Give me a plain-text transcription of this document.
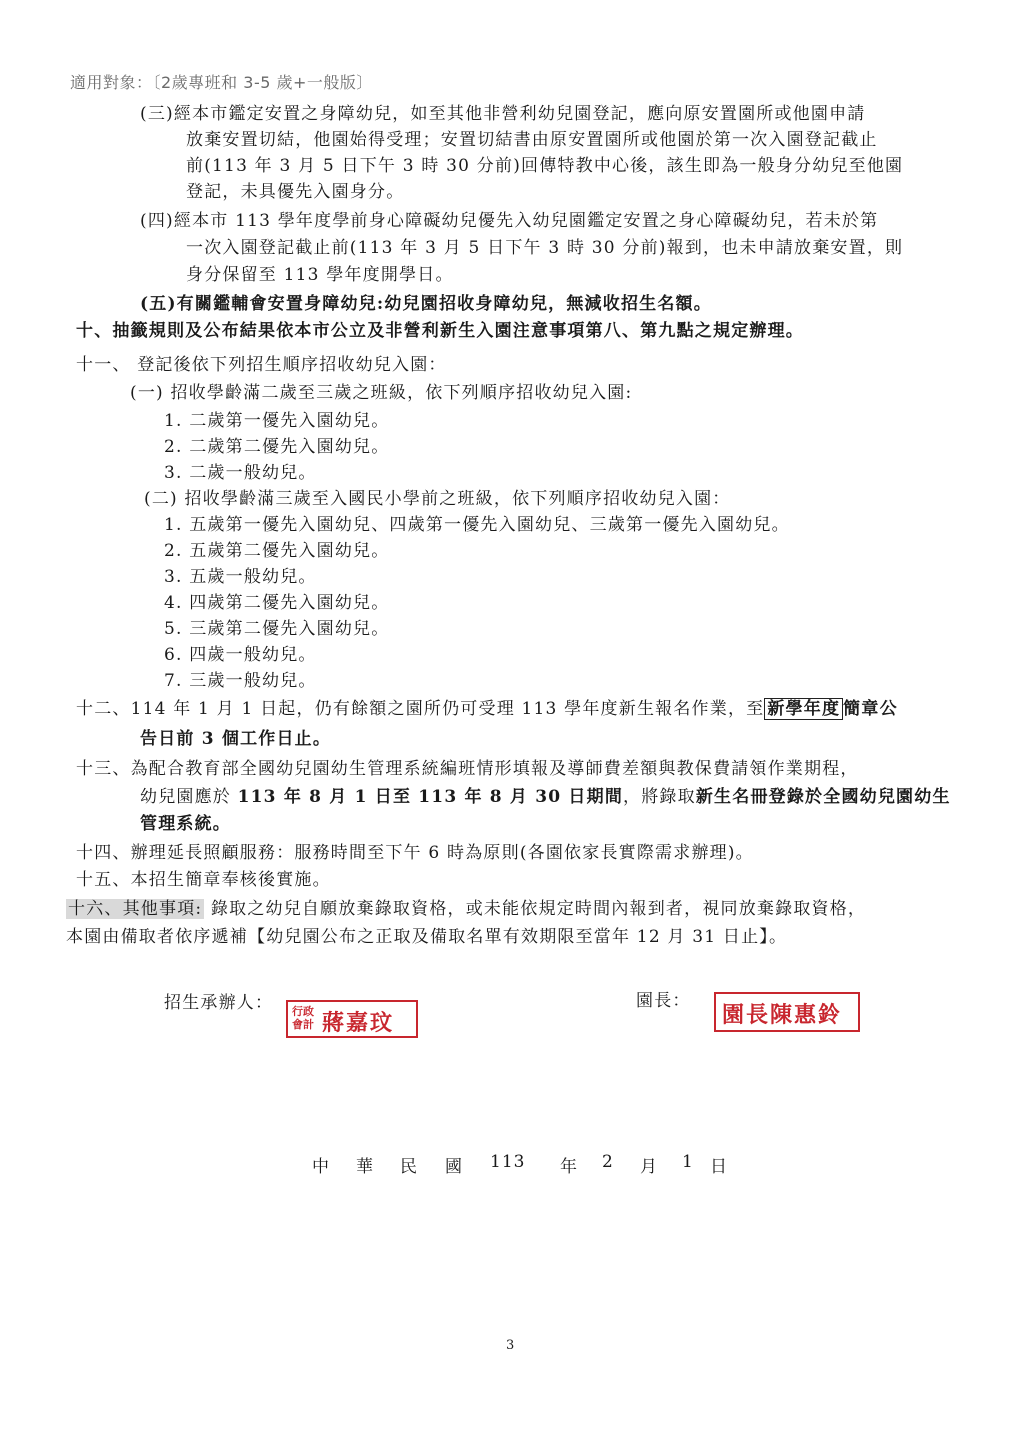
適用對象：〔2歲專班和 3-5 歲+一般版〕
(三)經本市鑑定安置之身障幼兒，如至其他非營利幼兒園登記，應向原安置園所或他園申請
放棄安置切結，他園始得受理；安置切結書由原安置園所或他園於第一次入園登記截止
前(113 年 3 月 5 日下午 3 時 30 分前)回傳特教中心後，該生即為一般身分幼兒至他園
登記，未具優先入園身分。
(四)經本市 113 學年度學前身心障礙幼兒優先入幼兒園鑑定安置之身心障礙幼兒，若未於第
一次入園登記截止前(113 年 3 月 5 日下午 3 時 30 分前)報到，也未申請放棄安置，則
身分保留至 113 學年度開學日。
(五)有關鑑輔會安置身障幼兒:幼兒園招收身障幼兒，無減收招生名額。
十、抽籤規則及公布結果依本市公立及非營利新生入園注意事項第八、第九點之規定辦理。
十一、 登記後依下列招生順序招收幼兒入園：
(一) 招收學齡滿二歲至三歲之班級，依下列順序招收幼兒入園:
1. 二歲第一優先入園幼兒。
2. 二歲第二優先入園幼兒。
3. 二歲一般幼兒。
(二) 招收學齡滿三歲至入國民小學前之班級，依下列順序招收幼兒入園：
1. 五歲第一優先入園幼兒、四歲第一優先入園幼兒、三歲第一優先入園幼兒。
2. 五歲第二優先入園幼兒。
3. 五歲一般幼兒。
4. 四歲第二優先入園幼兒。
5. 三歲第二優先入園幼兒。
6. 四歲一般幼兒。
7. 三歲一般幼兒。
十二、114 年 1 月 1 日起，仍有餘額之園所仍可受理 113 學年度新生報名作業，至 新學年度 簡章公
告日前 3 個工作日止。
十三、為配合教育部全國幼兒園幼生管理系統編班情形填報及導師費差額與教保費請領作業期程，
幼兒園應於 113 年 8 月 1 日至 113 年 8 月 30 日期間，將錄取新生名冊登錄於全國幼兒園幼生
管理系統。
十四、辦理延長照顧服務：服務時間至下午 6 時為原則(各園依家長實際需求辦理)。
十五、本招生簡章奉核後實施。
十六、其他事項: 錄取之幼兒自願放棄錄取資格，或未能依規定時間內報到者，視同放棄錄取資格，
本園由備取者依序遞補【幼兒園公布之正取及備取名單有效期限至當年 12 月 31 日止】。
招生承辦人： 行政會計 蔣嘉玟
園長：
園長陳惠鈴
中 華 民 國 113 年 2 月 1 日
3
